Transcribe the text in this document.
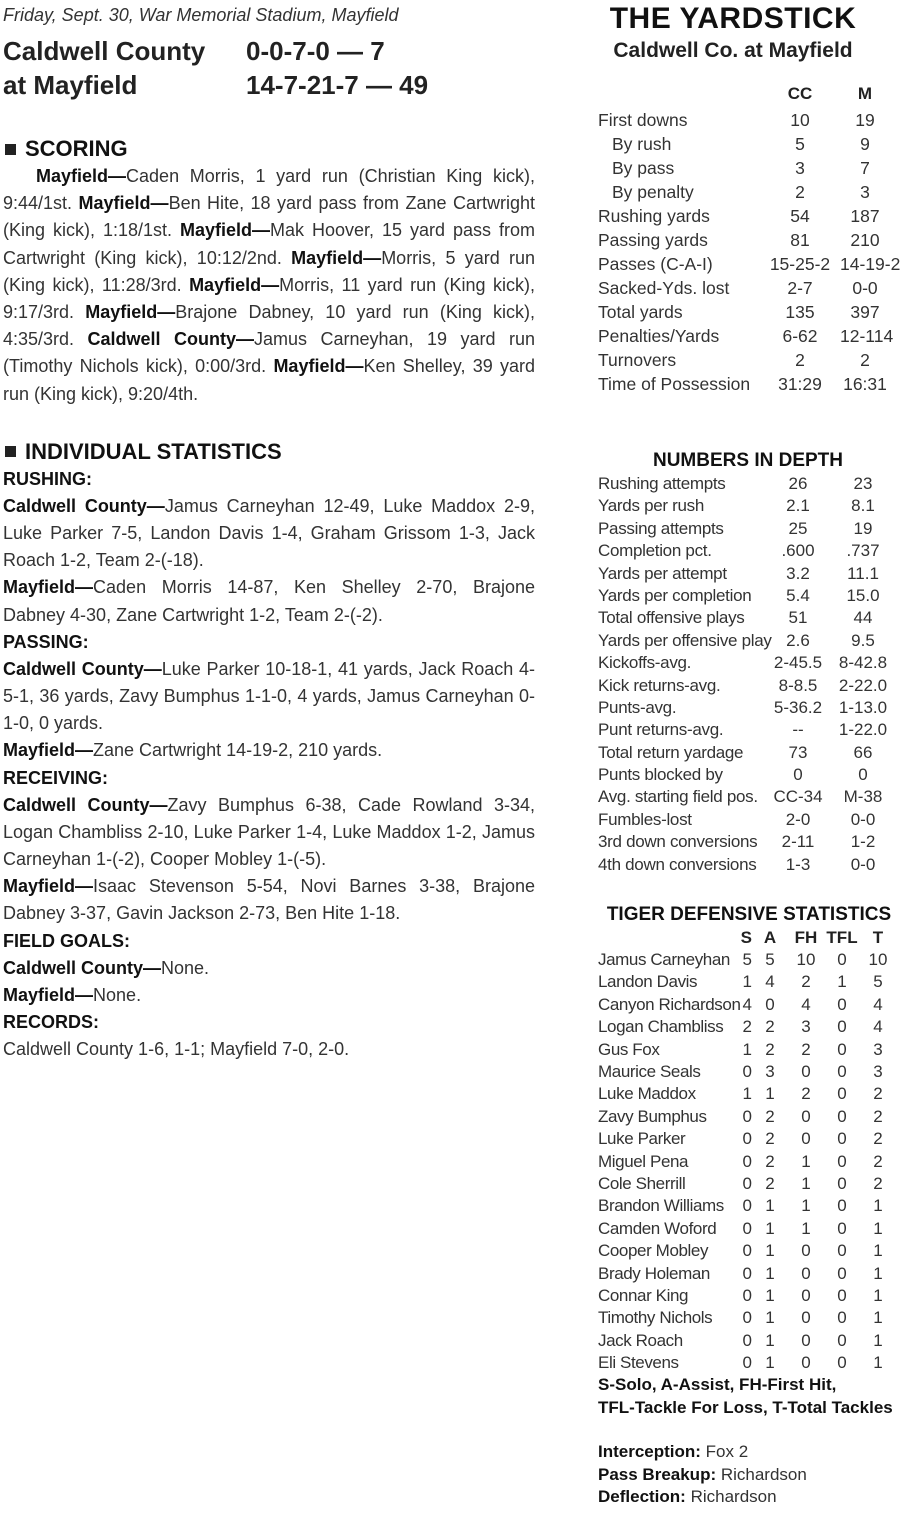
Friday, Sept. 30, War Memorial Stadium, Mayfield
Caldwell County	0-0-7-0 — 7
at Mayfield	14-7-21-7 — 49
SCORING
Mayfield—Caden Morris, 1 yard run (Christian King kick), 9:44/1st. Mayfield—Ben Hite, 18 yard pass from Zane Cartwright (King kick), 1:18/1st. Mayfield—Mak Hoover, 15 yard pass from Cartwright (King kick), 10:12/2nd. Mayfield—Morris, 5 yard run (King kick), 11:28/3rd. Mayfield—Morris, 11 yard run (King kick), 9:17/3rd. Mayfield—Brajone Dabney, 10 yard run (King kick), 4:35/3rd. Caldwell County—Jamus Carneyhan, 19 yard run (Timothy Nichols kick), 0:00/3rd. Mayfield—Ken Shelley, 39 yard run (King kick), 9:20/4th.
INDIVIDUAL STATISTICS
RUSHING:
Caldwell County—Jamus Carneyhan 12-49, Luke Maddox 2-9, Luke Parker 7-5, Landon Davis 1-4, Graham Grissom 1-3, Jack Roach 1-2, Team 2-(-18).
Mayfield—Caden Morris 14-87, Ken Shelley 2-70, Brajone Dabney 4-30, Zane Cartwright 1-2, Team 2-(-2).
PASSING:
Caldwell County—Luke Parker 10-18-1, 41 yards, Jack Roach 4-5-1, 36 yards, Zavy Bumphus 1-1-0, 4 yards, Jamus Carneyhan 0-1-0, 0 yards.
Mayfield—Zane Cartwright 14-19-2, 210 yards.
RECEIVING:
Caldwell County—Zavy Bumphus 6-38, Cade Rowland 3-34, Logan Chambliss 2-10, Luke Parker 1-4, Luke Maddox 1-2, Jamus Carneyhan 1-(-2), Cooper Mobley 1-(-5).
Mayfield—Isaac Stevenson 5-54, Novi Barnes 3-38, Brajone Dabney 3-37, Gavin Jackson 2-73, Ben Hite 1-18.
FIELD GOALS:
Caldwell County—None.
Mayfield—None.
RECORDS:
Caldwell County 1-6, 1-1; Mayfield 7-0, 2-0.
THE YARDSTICK
Caldwell Co. at Mayfield
CC	M
First downs	10	19
By rush	5	9
By pass	3	7
By penalty	2	3
Rushing yards	54	187
Passing yards	81	210
Passes (C-A-I)	15-25-2 14-19-2
Sacked-Yds. lost	2-7	0-0
Total yards	135	397
Penalties/Yards	6-62	12-114
Turnovers	2	2
Time of Possession	31:29	16:31
NUMBERS IN DEPTH
Rushing attempts	26	23
Yards per rush	2.1	8.1
Passing attempts	25	19
Completion pct.	.600	.737
Yards per attempt	3.2	11.1
Yards per completion	5.4	15.0
Total offensive plays	51	44
Yards per offensive play 2.6	9.5
Kickoffs-avg.	2-45.5 8-42.8
Kick returns-avg.	8-8.5	2-22.0
Punts-avg.	5-36.2 1-13.0
Punt returns-avg.	--	1-22.0
Total return yardage	73	66
Punts blocked by	0	0
Avg. starting field pos. CC-34	M-38
Fumbles-lost	2-0	0-0
3rd down conversions	2-11	1-2
4th down conversions	1-3	0-0
TIGER DEFENSIVE STATISTICS
S A	FH TFL T
Jamus Carneyhan 5 5	10	0	10
Landon Davis	1 4	2	1	5
Canyon Richardson 4 0	4	0	4
Logan Chambliss	2 2	3	0	4
Gus Fox	1 2	2	0	3
Maurice Seals	0 3	0	0	3
Luke Maddox	1 1	2	0	2
Zavy Bumphus	0 2	0	0	2
Luke Parker	0 2	0	0	2
Miguel Pena	0 2	1	0	2
Cole Sherrill	0 2	1	0	2
Brandon Williams	0 1	1	0	1
Camden Woford	0 1	1	0	1
Cooper Mobley	0 1	0	0	1
Brady Holeman	0 1	0	0	1
Connar King	0 1	0	0	1
Timothy Nichols	0 1	0	0	1
Jack Roach	0 1	0	0	1
Eli Stevens	0 1	0	0	1
S-Solo, A-Assist, FH-First Hit,
TFL-Tackle For Loss, T-Total Tackles
Interception: Fox 2
Pass Breakup: Richardson
Deflection: Richardson
